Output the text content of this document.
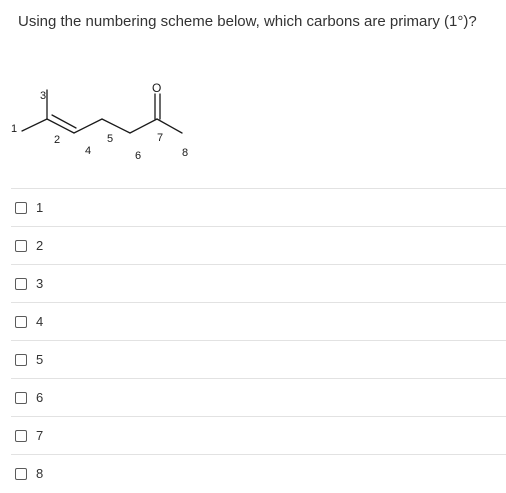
Using the numbering scheme below, which carbons are primary (1°)?
1
2
3
4
5
6
7
8
O
1
2
3
4
5
6
7
8
